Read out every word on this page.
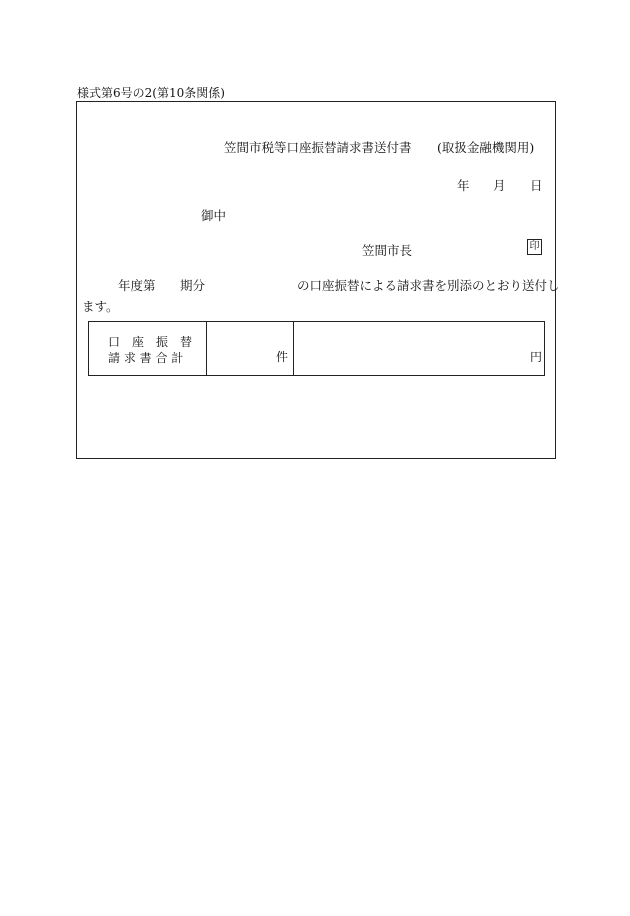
様式第6号の2(第10条関係)
笠間市税等口座振替請求書送付書 (取扱金融機関用)
年 月 日
御中
笠間市長	印
年度第 期分	の口座振替による請求書を別添のとおり送付し
ます。
口　座　振　替
請 求 書 合 計	件	円
